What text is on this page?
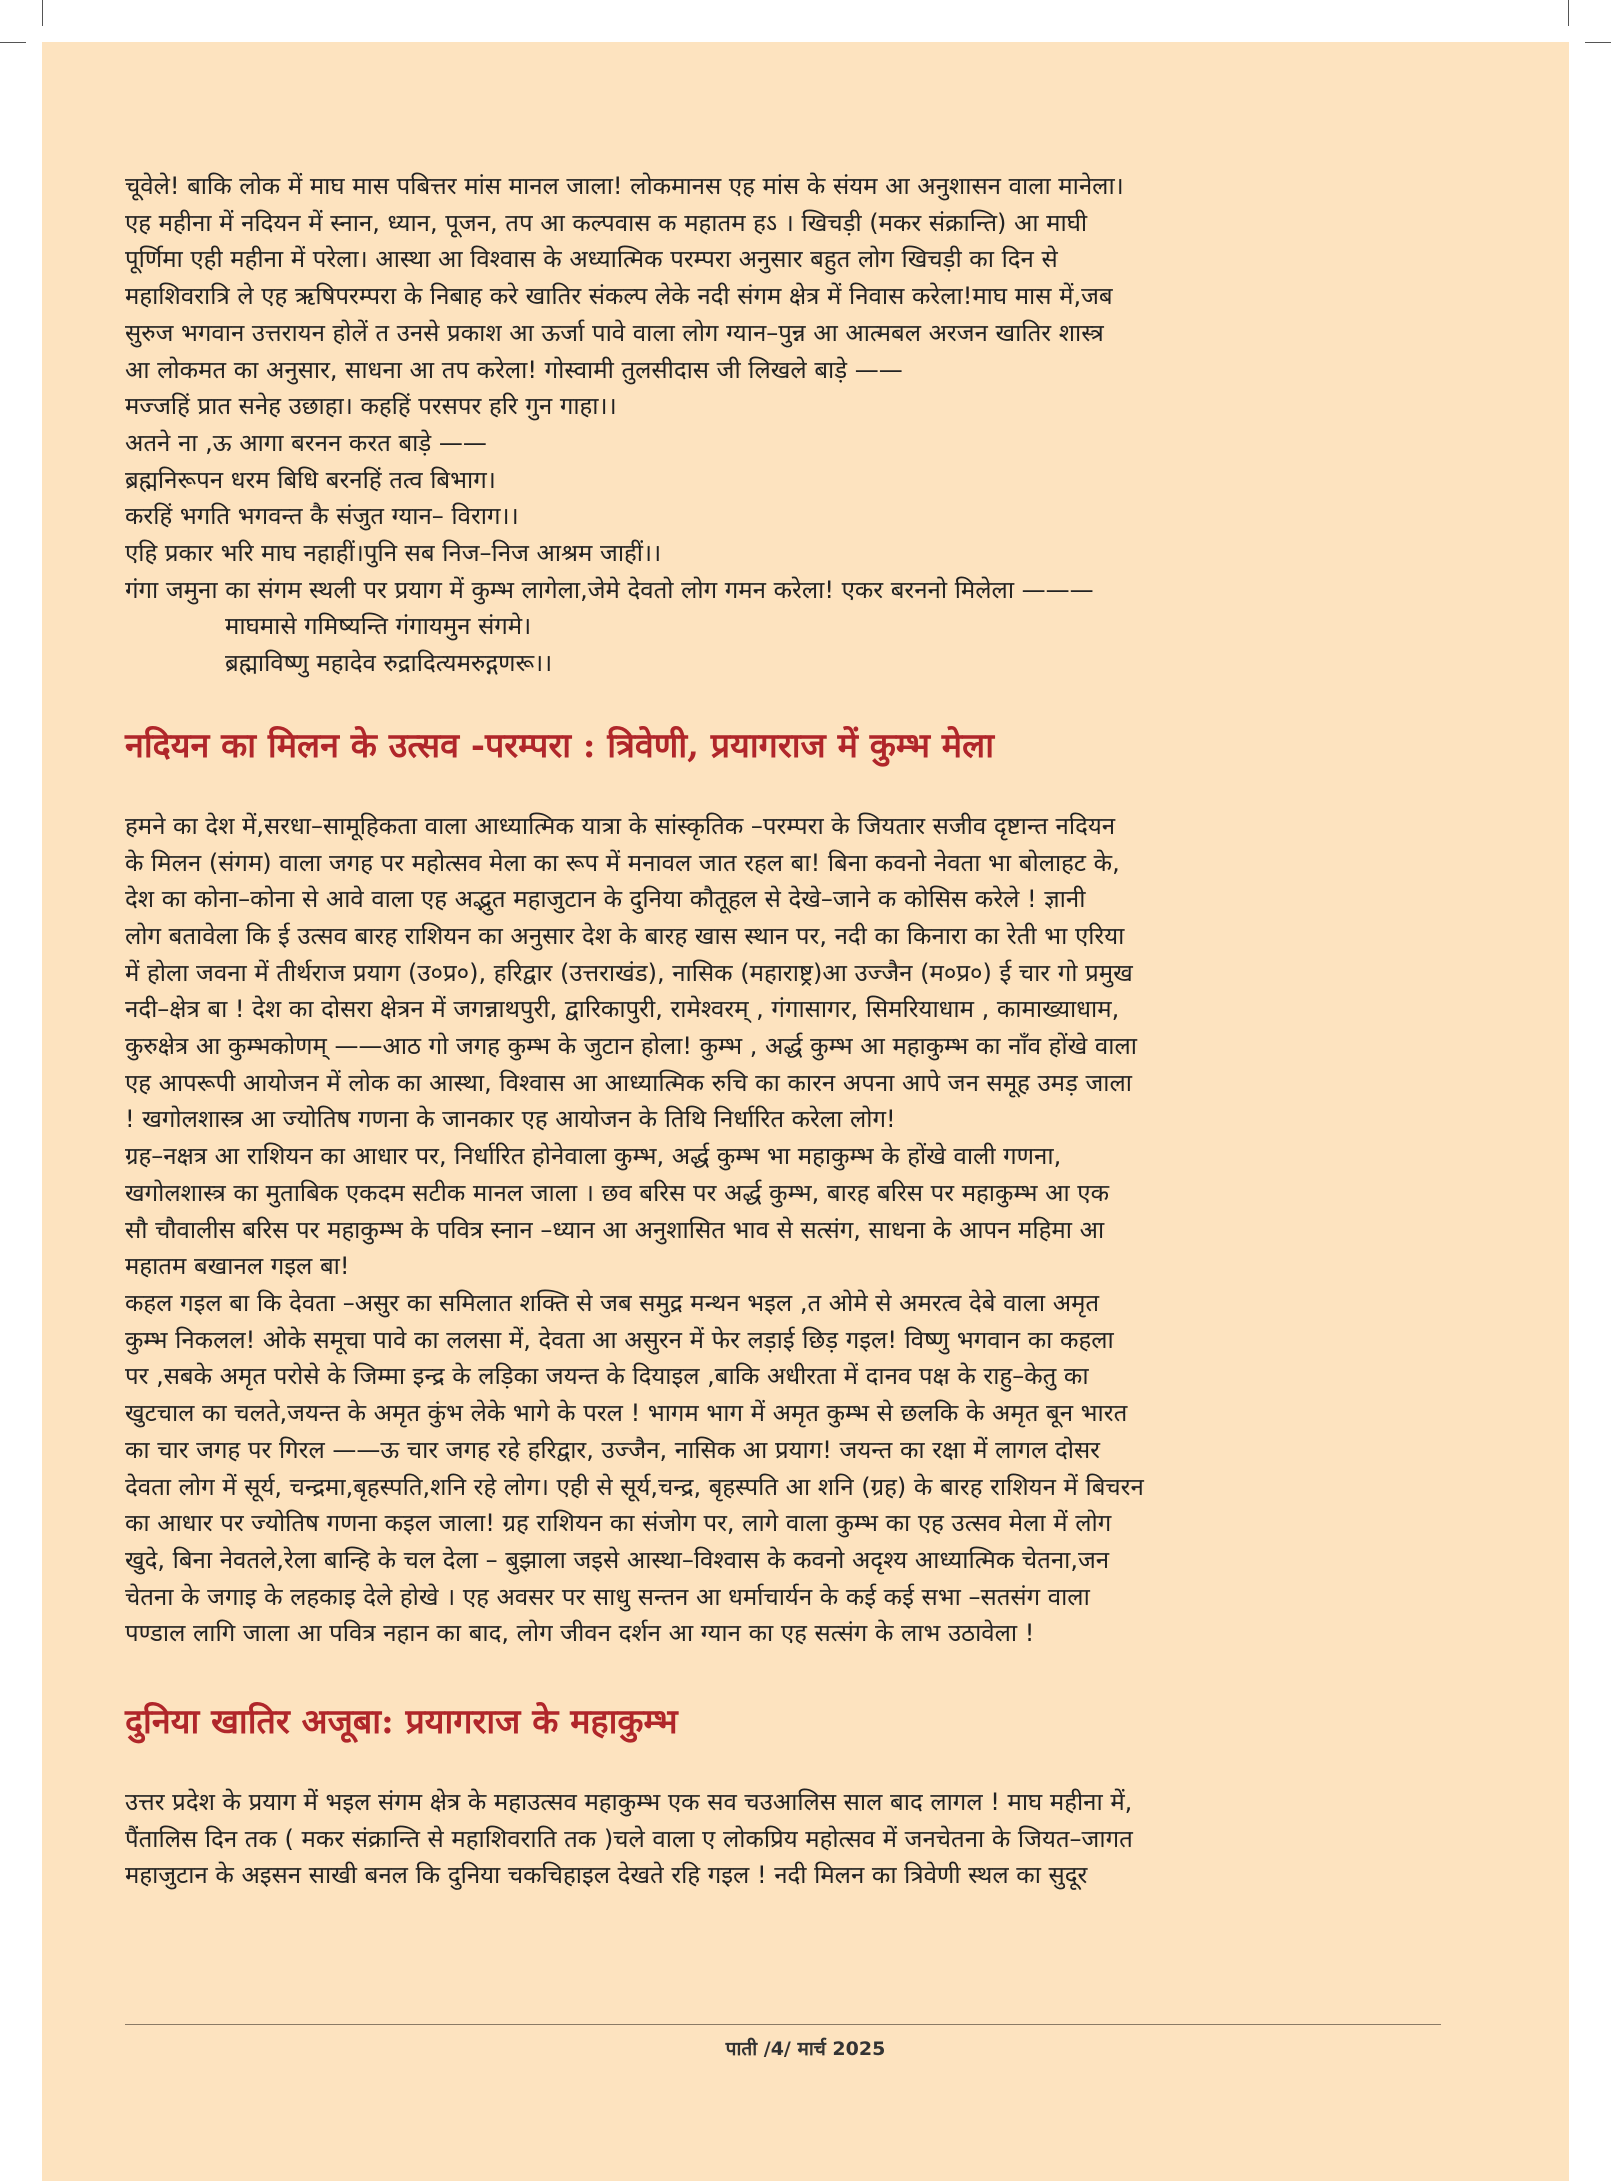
चूवेले! बाकि लोक में माघ मास पबित्तर मांस मानल जाला! लोकमानस एह मांस के संयम आ अनुशासन वाला मानेला।
एह महीना में नदियन में स्नान, ध्यान, पूजन, तप आ कल्पवास क महातम हऽ । खिचड़ी (मकर संक्रान्ति) आ माघी
पूर्णिमा एही महीना में परेला। आस्था आ विश्वास के अध्यात्मिक परम्परा अनुसार बहुत लोग खिचड़ी का दिन से
महाशिवरात्रि ले एह ऋषिपरम्परा के निबाह करे खातिर संकल्प लेके नदी संगम क्षेत्र में निवास करेला!माघ मास में,जब
सुरुज भगवान उत्तरायन होलें त उनसे प्रकाश आ ऊर्जा पावे वाला लोग ग्यान–पुन्न आ आत्मबल अरजन खातिर शास्त्र
आ लोकमत का अनुसार, साधना आ तप करेला! गोस्वामी तुलसीदास जी लिखले बाड़े ——
मज्जहिं प्रात सनेह उछाहा। कहहिं परसपर हरि गुन गाहा।।
अतने ना ,ऊ आगा बरनन करत बाड़े ——
ब्रह्मनिरूपन धरम बिधि बरनहिं तत्व बिभाग।
करहिं भगति भगवन्त कै संजुत ग्यान– विराग।।
एहि प्रकार भरि माघ नहाहीं।पुनि सब निज–निज आश्रम जाहीं।।
गंगा जमुना का संगम स्थली पर प्रयाग में कुम्भ लागेला,जेमे देवतो लोग गमन करेला! एकर बरननो मिलेला ———
माघमासे गमिष्यन्ति गंगायमुन संगमे।
ब्रह्माविष्णु महादेव रुद्रादित्यमरुद्गणरू।।
नदियन का मिलन के उत्सव -परम्परा : त्रिवेणी, प्रयागराज में कुम्भ मेला
हमने का देश में,सरधा–सामूहिकता वाला आध्यात्मिक यात्रा के सांस्कृतिक –परम्परा के जियतार सजीव दृष्टान्त नदियन
के मिलन (संगम) वाला जगह पर महोत्सव मेला का रूप में मनावल जात रहल बा! बिना कवनो नेवता भा बोलाहट के,
देश का कोना–कोना से आवे वाला एह अद्भुत महाजुटान के दुनिया कौतूहल से देखे–जाने क कोसिस करेले ! ज्ञानी
लोग बतावेला कि ई उत्सव बारह राशियन का अनुसार देश के बारह खास स्थान पर, नदी का किनारा का रेती भा एरिया
में होला जवना में तीर्थराज प्रयाग (उ०प्र०), हरिद्वार (उत्तराखंड), नासिक (महाराष्ट्र)आ उज्जैन (म०प्र०) ई चार गो प्रमुख
नदी–क्षेत्र बा ! देश का दोसरा क्षेत्रन में जगन्नाथपुरी, द्वारिकापुरी, रामेश्वरम् , गंगासागर, सिमरियाधाम , कामाख्याधाम,
कुरुक्षेत्र आ कुम्भकोणम् ——आठ गो जगह कुम्भ के जुटान होला! कुम्भ , अर्द्ध कुम्भ आ महाकुम्भ का नाँव होंखे वाला
एह आपरूपी आयोजन में लोक का आस्था, विश्वास आ आध्यात्मिक रुचि का कारन अपना आपे जन समूह उमड़ जाला
! खगोलशास्त्र आ ज्योतिष गणना के जानकार एह आयोजन के तिथि निर्धारित करेला लोग!
ग्रह–नक्षत्र आ राशियन का आधार पर, निर्धारित होनेवाला कुम्भ, अर्द्ध कुम्भ भा महाकुम्भ के होंखे वाली गणना,
खगोलशास्त्र का मुताबिक एकदम सटीक मानल जाला । छव बरिस पर अर्द्ध कुम्भ, बारह बरिस पर महाकुम्भ आ एक
सौ चौवालीस बरिस पर महाकुम्भ के पवित्र स्नान –ध्यान आ अनुशासित भाव से सत्संग, साधना के आपन महिमा आ
महातम बखानल गइल बा!
कहल गइल बा कि देवता –असुर का समिलात शक्ति से जब समुद्र मन्थन भइल ,त ओमे से अमरत्व देबे वाला अमृत
कुम्भ निकलल! ओके समूचा पावे का ललसा में, देवता आ असुरन में फेर लड़ाई छिड़ गइल! विष्णु भगवान का कहला
पर ,सबके अमृत परोसे के जिम्मा इन्द्र के लड़िका जयन्त के दियाइल ,बाकि अधीरता में दानव पक्ष के राहु–केतु का
खुटचाल का चलते,जयन्त के अमृत कुंभ लेके भागे के परल ! भागम भाग में अमृत कुम्भ से छलकि के अमृत बून भारत
का चार जगह पर गिरल ——ऊ चार जगह रहे हरिद्वार, उज्जैन, नासिक आ प्रयाग! जयन्त का रक्षा में लागल दोसर
देवता लोग में सूर्य, चन्द्रमा,बृहस्पति,शनि रहे लोग। एही से सूर्य,चन्द्र, बृहस्पति आ शनि (ग्रह) के बारह राशियन में बिचरन
का आधार पर ज्योतिष गणना कइल जाला! ग्रह राशियन का संजोग पर, लागे वाला कुम्भ का एह उत्सव मेला में लोग
खुदे, बिना नेवतले,रेला बान्हि के चल देला – बुझाला जइसे आस्था–विश्वास के कवनो अदृश्य आध्यात्मिक चेतना,जन
चेतना के जगाइ के लहकाइ देले होखे । एह अवसर पर साधु सन्तन आ धर्माचार्यन के कई कई सभा –सतसंग वाला
पण्डाल लागि जाला आ पवित्र नहान का बाद, लोग जीवन दर्शन आ ग्यान का एह सत्संग के लाभ उठावेला !
दुनिया खातिर अजूबा: प्रयागराज के महाकुम्भ
उत्तर प्रदेश के प्रयाग में भइल संगम क्षेत्र के महाउत्सव महाकुम्भ एक सव चउआलिस साल बाद लागल ! माघ महीना में,
पैंतालिस दिन तक ( मकर संक्रान्ति से महाशिवराति तक )चले वाला ए लोकप्रिय महोत्सव में जनचेतना के जियत–जागत
महाजुटान के अइसन साखी बनल कि दुनिया चकचिहाइल देखते रहि गइल ! नदी मिलन का त्रिवेणी स्थल का सुदूर
पाती /4/ मार्च 2025
